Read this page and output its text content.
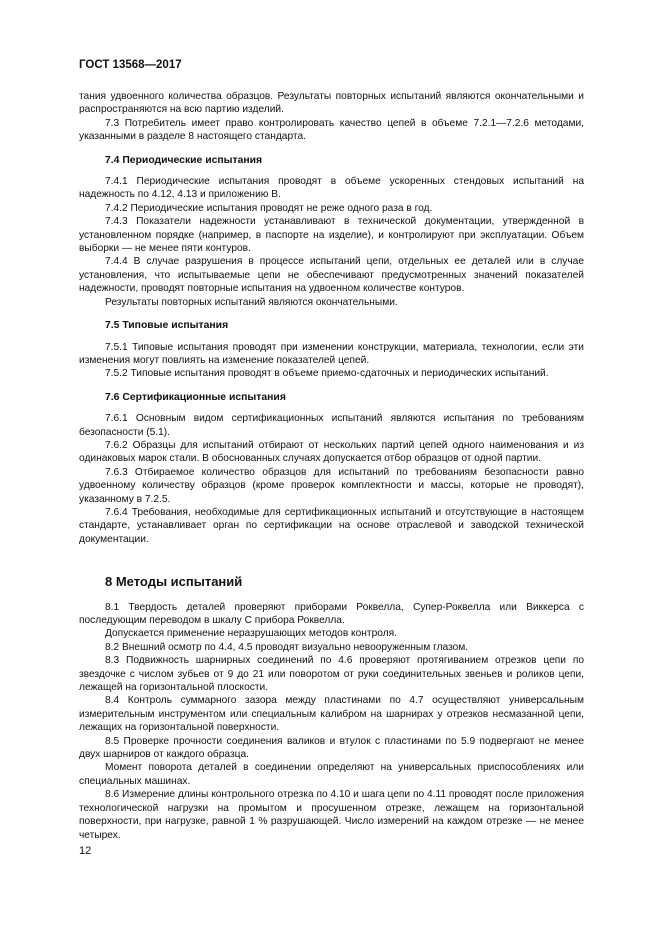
ГОСТ 13568—2017

тания удвоенного количества образцов. Результаты повторных испытаний являются окончательными и распространяются на всю партию изделий.

7.3 Потребитель имеет право контролировать качество цепей в объеме 7.2.1—7.2.6 методами, указанными в разделе 8 настоящего стандарта.

7.4 Периодические испытания

7.4.1 Периодические испытания проводят в объеме ускоренных стендовых испытаний на надежность по 4.12, 4.13 и приложению В.

7.4.2 Периодические испытания проводят не реже одного раза в год.

7.4.3 Показатели надежности устанавливают в технической документации, утвержденной в установленном порядке (например, в паспорте на изделие), и контролируют при эксплуатации. Объем выборки — не менее пяти контуров.

7.4.4 В случае разрушения в процессе испытаний цепи, отдельных ее деталей или в случае установления, что испытываемые цепи не обеспечивают предусмотренных значений показателей надежности, проводят повторные испытания на удвоенном количестве контуров.

Результаты повторных испытаний являются окончательными.

7.5 Типовые испытания

7.5.1 Типовые испытания проводят при изменении конструкции, материала, технологии, если эти изменения могут повлиять на изменение показателей цепей.

7.5.2 Типовые испытания проводят в объеме приемо-сдаточных и периодических испытаний.

7.6 Сертификационные испытания

7.6.1 Основным видом сертификационных испытаний являются испытания по требованиям безопасности (5.1).

7.6.2 Образцы для испытаний отбирают от нескольких партий цепей одного наименования и из одинаковых марок стали. В обоснованных случаях допускается отбор образцов от одной партии.

7.6.3 Отбираемое количество образцов для испытаний по требованиям безопасности равно удвоенному количеству образцов (кроме проверок комплектности и массы, которые не проводят), указанному в 7.2.5.

7.6.4 Требования, необходимые для сертификационных испытаний и отсутствующие в настоящем стандарте, устанавливает орган по сертификации на основе отраслевой и заводской технической документации.

8 Методы испытаний

8.1 Твердость деталей проверяют приборами Роквелла, Супер-Роквелла или Виккерса с последующим переводом в шкалу С прибора Роквелла.

Допускается применение неразрушающих методов контроля.

8.2 Внешний осмотр по 4.4, 4.5 проводят визуально невооруженным глазом.

8.3 Подвижность шарнирных соединений по 4.6 проверяют протягиванием отрезков цепи по звездочке с числом зубьев от 9 до 21 или поворотом от руки соединительных звеньев и роликов цепи, лежащей на горизонтальной плоскости.

8.4 Контроль суммарного зазора между пластинами по 4.7 осуществляют универсальным измерительным инструментом или специальным калибром на шарнирах у отрезков несмазанной цепи, лежащих на горизонтальной поверхности.

8.5 Проверке прочности соединения валиков и втулок с пластинами по 5.9 подвергают не менее двух шарниров от каждого образца.

Момент поворота деталей в соединении определяют на универсальных приспособлениях или специальных машинах.

8.6 Измерение длины контрольного отрезка по 4.10 и шага цепи по 4.11 проводят после приложения технологической нагрузки на промытом и просушенном отрезке, лежащем на горизонтальной поверхности, при нагрузке, равной 1 % разрушающей. Число измерений на каждом отрезке — не менее четырех.

12
